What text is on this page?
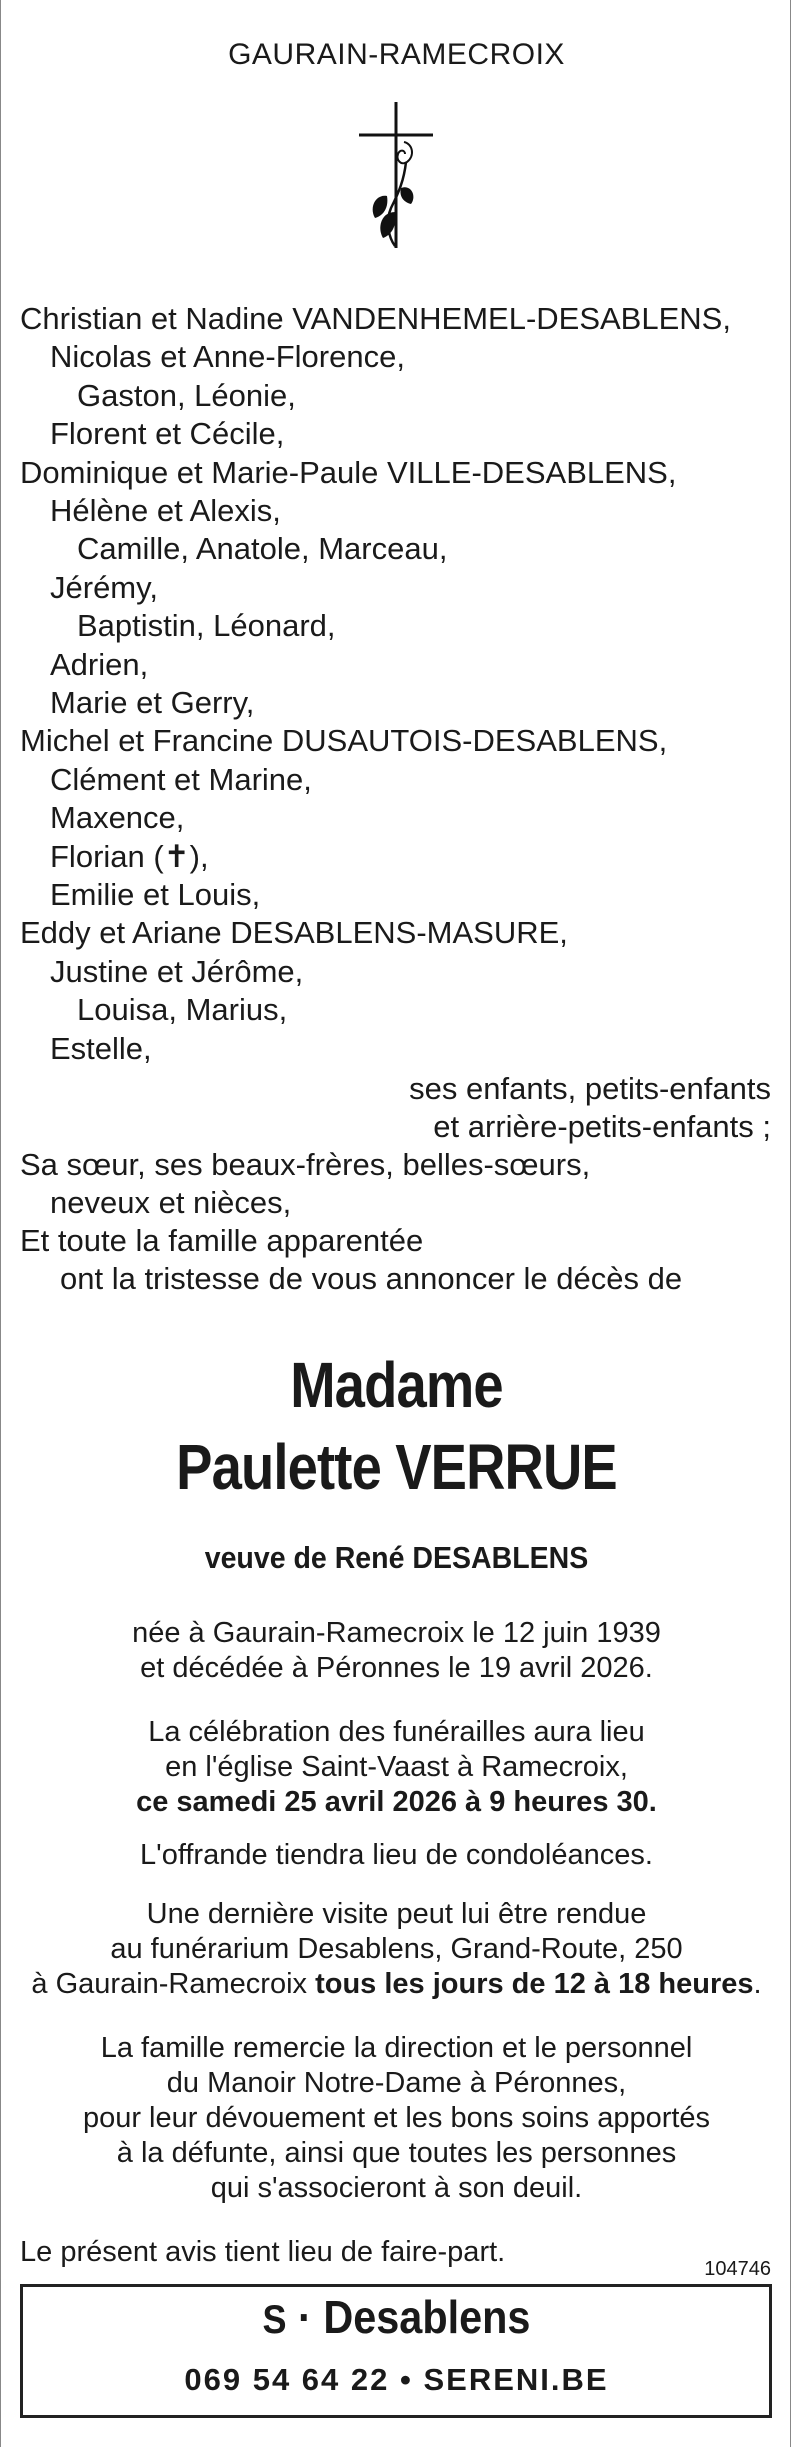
GAURAIN-RAMECROIX
Christian et Nadine VANDENHEMEL-DESABLENS,
Nicolas et Anne-Florence,
Gaston, Léonie,
Florent et Cécile,
Dominique et Marie-Paule VILLE-DESABLENS,
Hélène et Alexis,
Camille, Anatole, Marceau,
Jérémy,
Baptistin, Léonard,
Adrien,
Marie et Gerry,
Michel et Francine DUSAUTOIS-DESABLENS,
Clément et Marine,
Maxence,
Florian (✝),
Emilie et Louis,
Eddy et Ariane DESABLENS-MASURE,
Justine et Jérôme,
Louisa, Marius,
Estelle,
ses enfants, petits-enfants
et arrière-petits-enfants ;
Sa sœur, ses beaux-frères, belles-sœurs,
neveux et nièces,
Et toute la famille apparentée
ont la tristesse de vous annoncer le décès de
Madame
Paulette VERRUE
veuve de René DESABLENS
née à Gaurain-Ramecroix le 12 juin 1939
et décédée à Péronnes le 19 avril 2026.
La célébration des funérailles aura lieu
en l'église Saint-Vaast à Ramecroix,
ce samedi 25 avril 2026 à 9 heures 30.
L'offrande tiendra lieu de condoléances.
Une dernière visite peut lui être rendue
au funérarium Desablens, Grand-Route, 250
à Gaurain-Ramecroix tous les jours de 12 à 18 heures.
La famille remercie la direction et le personnel
du Manoir Notre-Dame à Péronnes,
pour leur dévouement et les bons soins apportés
à la défunte, ainsi que toutes les personnes
qui s'associeront à son deuil.
Le présent avis tient lieu de faire-part.
104746
S · Desablens
069 54 64 22 • SERENI.BE
